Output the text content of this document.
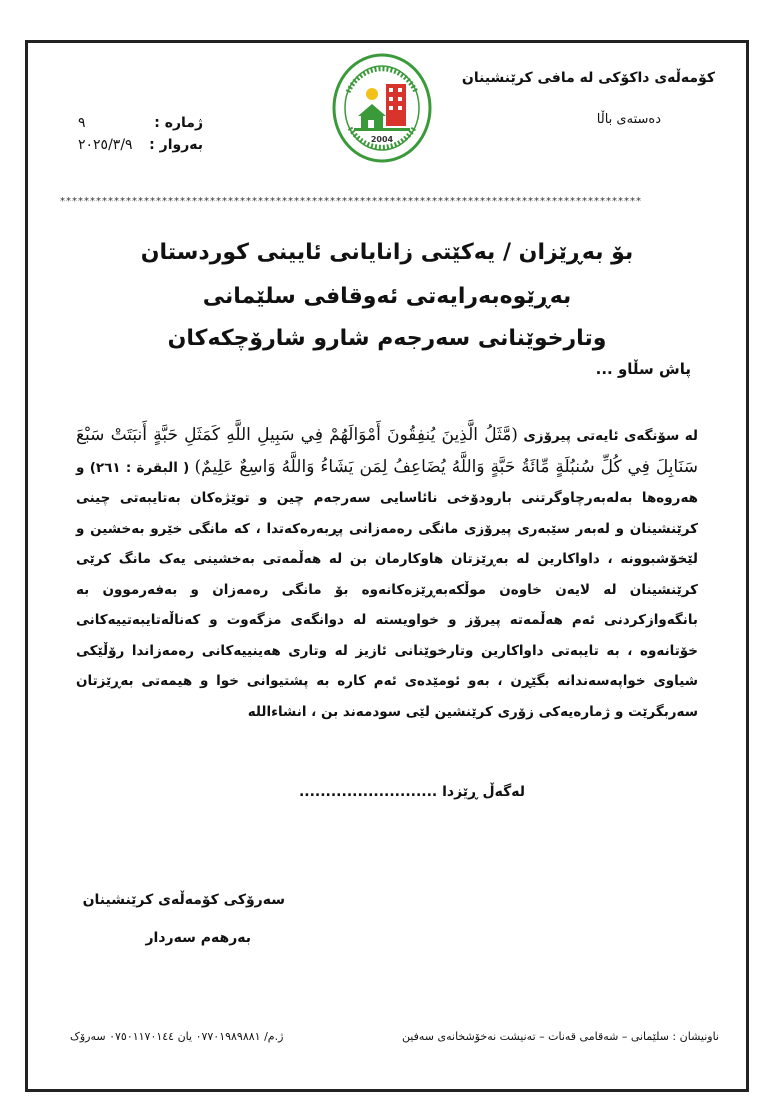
کۆمەڵەی داکۆکی لە مافی کرێنشینان
دەستەی باڵا
ژمارە :
٩
بەروار :
٢٠٢٥/٣/٩	2004
*************************************************************************************************
بۆ بەڕێزان / یەکێتی زانایانی ئایینی کوردستان
بەڕێوەبەرایەتی ئەوقافی سلێمانی
وتارخوێنانی سەرجەم شارو شارۆچکەکان
پاش سڵاو ...
لە سۆنگەی ئایەتی پیرۆزی (مَّثَلُ الَّذِينَ يُنفِقُونَ أَمْوَالَهُمْ فِي سَبِيلِ اللَّهِ كَمَثَلِ حَبَّةٍ أَنبَتَتْ سَبْعَ سَنَابِلَ فِي كُلِّ سُنبُلَةٍ مِّائَةُ حَبَّةٍ وَاللَّهُ يُضَاعِفُ لِمَن يَشَاءُ وَاللَّهُ وَاسِعٌ عَلِيمٌ) ( البقرة : ٢٦١) و هەروەها بەلەبەرچاوگرتنی بارودۆخی نائاسایی سەرجەم چین و توێژەکان بەتایبەتی چینی کرێنشینان و لەبەر سێبەری پیرۆزی مانگی رەمەزانی پڕبەرەکەتدا ، کە مانگی خێرو بەخشین و لێخۆشبوونە ، داواکارین لە بەڕێزتان هاوکارمان بن لە هەڵمەتی بەخشینی یەک مانگ کرێی کرێنشینان لە لایەن خاوەن موڵکەبەڕێزەکانەوە بۆ مانگی رەمەزان و بەفەرموون بە بانگەوازکردنی ئەم هەڵمەتە پیرۆز و خواویستە لە دوانگەی مزگەوت و کەناڵەتایبەتییەکانی خۆتانەوە ، بە تایبەتی داواکارین وتارخوێنانی ئازیز لە وتاری هەینییەکانی رەمەزاندا رۆڵێکی شیاوی خواپەسەندانە بگێڕن ، بەو ئومێدەی ئەم کارە بە پشتیوانی خوا و هیمەتی بەڕێزتان سەربگرێت و ژمارەیەکی زۆری کرێنشین لێی سودمەند بن ، انشاءالله
لەگەڵ ڕێزدا ..........................
سەرۆکی کۆمەڵەی کرێنشینان
بەرهەم سەردار
ناونیشان : سلێمانی – شەقامی قەنات – تەنیشت نەخۆشخانەی سەفین
ژ.م/ ٠٧٧٠١٩٨٩٨٨١ یان ٠٧٥٠١١٧٠١٤٤ سەرۆک
